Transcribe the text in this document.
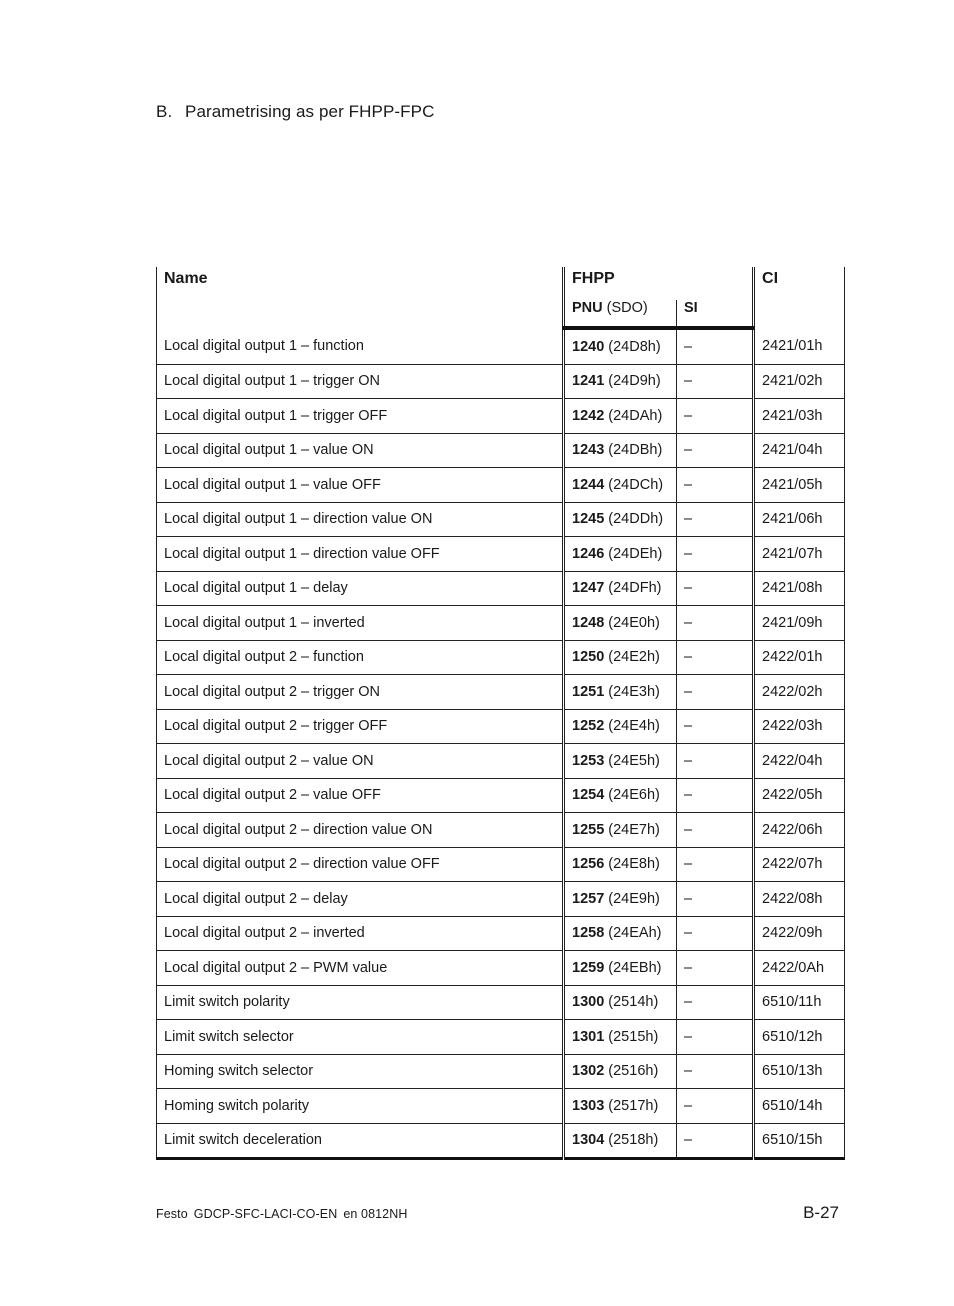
B. Parametrising as per FHPP-FPC
Name	FHPP		CI
	PNU (SDO)	SI	
Local digital output 1 – function	1240 (24D8h)	–	2421/01h
Local digital output 1 – trigger ON	1241 (24D9h)	–	2421/02h
Local digital output 1 – trigger OFF	1242 (24DAh)	–	2421/03h
Local digital output 1 – value ON	1243 (24DBh)	–	2421/04h
Local digital output 1 – value OFF	1244 (24DCh)	–	2421/05h
Local digital output 1 – direction value ON	1245 (24DDh)	–	2421/06h
Local digital output 1 – direction value OFF	1246 (24DEh)	–	2421/07h
Local digital output 1 – delay	1247 (24DFh)	–	2421/08h
Local digital output 1 – inverted	1248 (24E0h)	–	2421/09h
Local digital output 2 – function	1250 (24E2h)	–	2422/01h
Local digital output 2 – trigger ON	1251 (24E3h)	–	2422/02h
Local digital output 2 – trigger OFF	1252 (24E4h)	–	2422/03h
Local digital output 2 – value ON	1253 (24E5h)	–	2422/04h
Local digital output 2 – value OFF	1254 (24E6h)	–	2422/05h
Local digital output 2 – direction value ON	1255 (24E7h)	–	2422/06h
Local digital output 2 – direction value OFF	1256 (24E8h)	–	2422/07h
Local digital output 2 – delay	1257 (24E9h)	–	2422/08h
Local digital output 2 – inverted	1258 (24EAh)	–	2422/09h
Local digital output 2 – PWM value	1259 (24EBh)	–	2422/0Ah
Limit switch polarity	1300 (2514h)	–	6510/11h
Limit switch selector	1301 (2515h)	–	6510/12h
Homing switch selector	1302 (2516h)	–	6510/13h
Homing switch polarity	1303 (2517h)	–	6510/14h
Limit switch deceleration	1304 (2518h)	–	6510/15h
Festo GDCP-SFC-LACI-CO-EN en 0812NH	B-27
